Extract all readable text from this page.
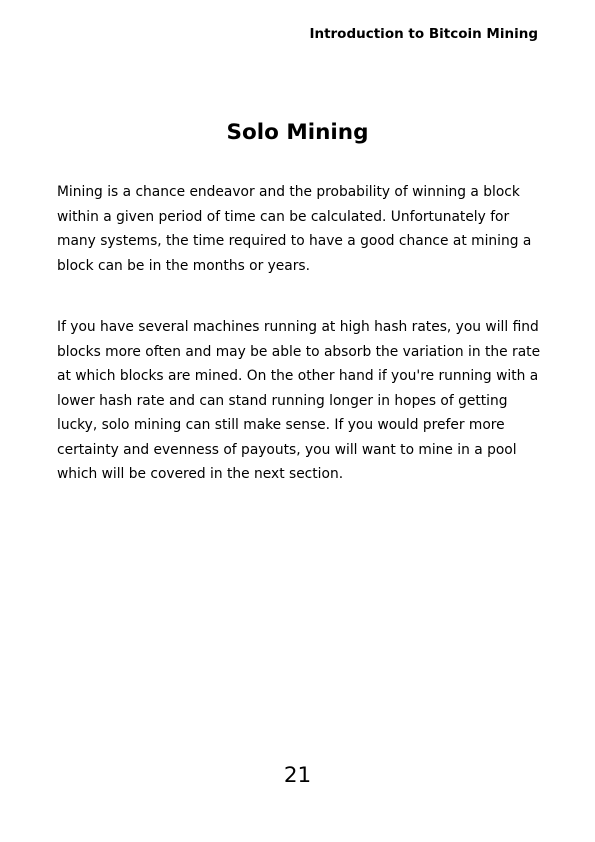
Introduction to Bitcoin Mining
Solo Mining

Mining is a chance endeavor and the probability of winning a block within a given period of time can be calculated. Unfortunately for many systems, the time required to have a good chance at mining a block can be in the months or years.

If you have several machines running at high hash rates, you will find blocks more often and may be able to absorb the variation in the rate at which blocks are mined. On the other hand if you're running with a lower hash rate and can stand running longer in hopes of getting lucky, solo mining can still make sense. If you would prefer more certainty and evenness of payouts, you will want to mine in a pool which will be covered in the next section.

21
